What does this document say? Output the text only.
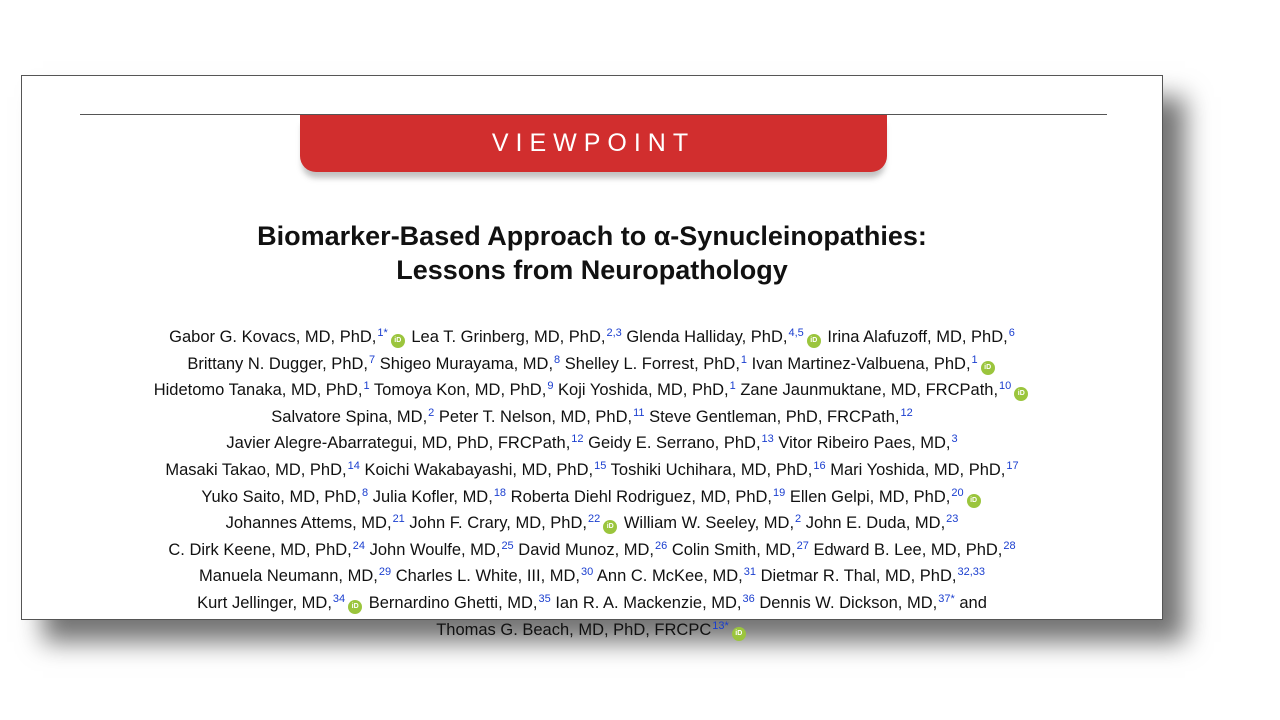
VIEWPOINT
Biomarker-Based Approach to α-Synucleinopathies:
Lessons from Neuropathology
Gabor G. Kovacs, MD, PhD,$^{1*}$iD Lea T. Grinberg, MD, PhD,$^{2,3}$ Glenda Halliday, PhD,$^{4,5}$iD Irina Alafuzoff, MD, PhD,$^6$
Brittany N. Dugger, PhD,$^7$ Shigeo Murayama, MD,$^8$ Shelley L. Forrest, PhD,$^1$ Ivan Martinez-Valbuena, PhD,$^1$iD
Hidetomo Tanaka, MD, PhD,$^1$ Tomoya Kon, MD, PhD,$^9$ Koji Yoshida, MD, PhD,$^1$ Zane Jaunmuktane, MD, FRCPath,$^{10}$iD
Salvatore Spina, MD,$^2$ Peter T. Nelson, MD, PhD,$^{11}$ Steve Gentleman, PhD, FRCPath,$^{12}$
Javier Alegre-Abarrategui, MD, PhD, FRCPath,$^{12}$ Geidy E. Serrano, PhD,$^{13}$ Vitor Ribeiro Paes, MD,$^3$
Masaki Takao, MD, PhD,$^{14}$ Koichi Wakabayashi, MD, PhD,$^{15}$ Toshiki Uchihara, MD, PhD,$^{16}$ Mari Yoshida, MD, PhD,$^{17}$
Yuko Saito, MD, PhD,$^8$ Julia Kofler, MD,$^{18}$ Roberta Diehl Rodriguez, MD, PhD,$^{19}$ Ellen Gelpi, MD, PhD,$^{20}$iD
Johannes Attems, MD,$^{21}$ John F. Crary, MD, PhD,$^{22}$iD William W. Seeley, MD,$^2$ John E. Duda, MD,$^{23}$
C. Dirk Keene, MD, PhD,$^{24}$ John Woulfe, MD,$^{25}$ David Munoz, MD,$^{26}$ Colin Smith, MD,$^{27}$ Edward B. Lee, MD, PhD,$^{28}$
Manuela Neumann, MD,$^{29}$ Charles L. White, III, MD,$^{30}$ Ann C. McKee, MD,$^{31}$ Dietmar R. Thal, MD, PhD,$^{32,33}$
Kurt Jellinger, MD,$^{34}$iD Bernardino Ghetti, MD,$^{35}$ Ian R. A. Mackenzie, MD,$^{36}$ Dennis W. Dickson, MD,$^{37*}$ and
Thomas G. Beach, MD, PhD, FRCPC$^{13*}$iD
